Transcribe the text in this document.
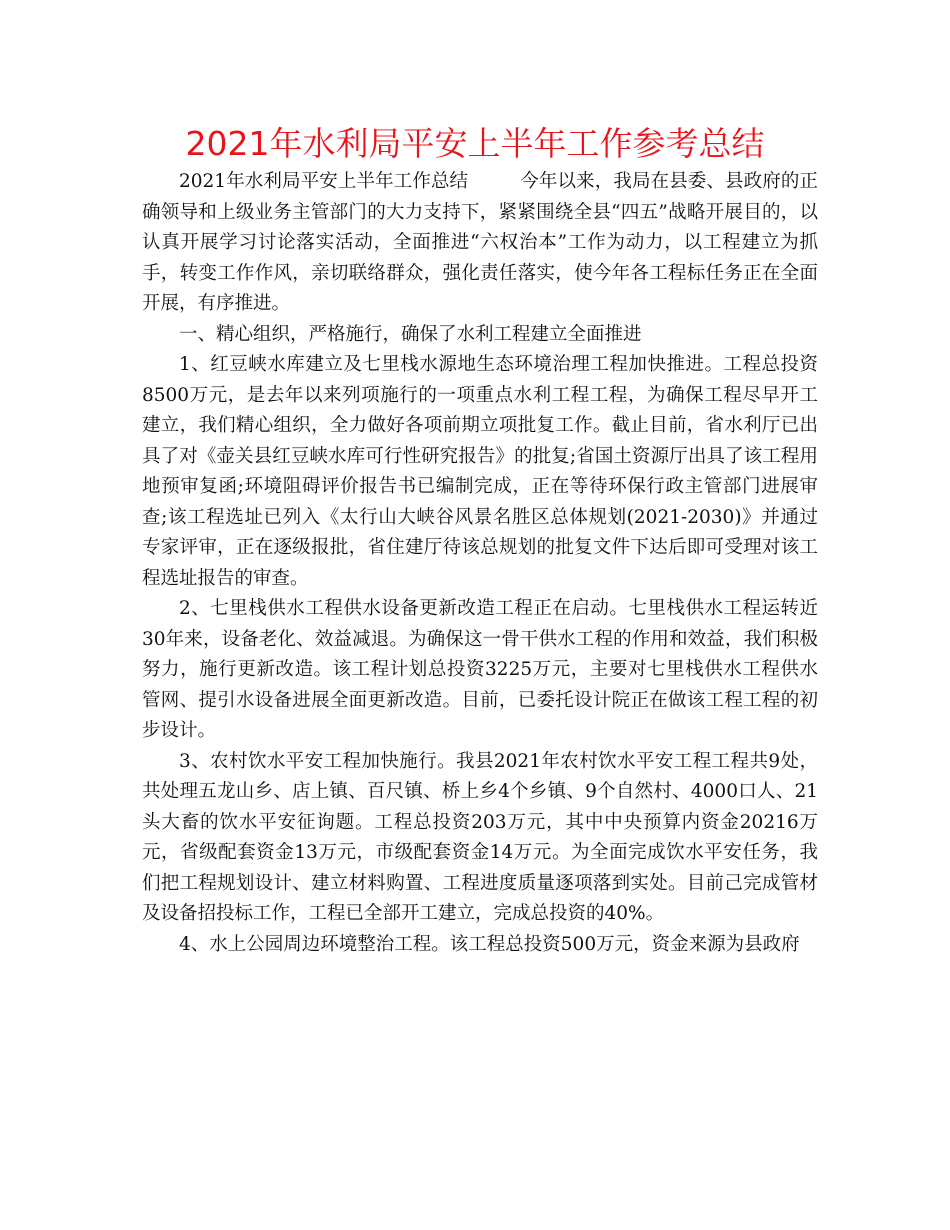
2021年水利局平安上半年工作参考总结

2021年水利局平安上半年工作总结	今年以来，我局在县委、县政府的正确领导和上级业务主管部门的大力支持下，紧紧围绕全县“四五”战略开展目的，以认真开展学习讨论落实活动，全面推进“六权治本”工作为动力，以工程建立为抓手，转变工作作风，亲切联络群众，强化责任落实，使今年各工程标任务正在全面开展，有序推进。

一、精心组织，严格施行，确保了水利工程建立全面推进

1、红豆峡水库建立及七里栈水源地生态环境治理工程加快推进。工程总投资8500万元，是去年以来列项施行的一项重点水利工程工程，为确保工程尽早开工建立，我们精心组织，全力做好各项前期立项批复工作。截止目前，省水利厅已出具了对《壶关县红豆峡水库可行性研究报告》的批复;省国土资源厅出具了该工程用地预审复函;环境阻碍评价报告书已编制完成，正在等待环保行政主管部门进展审查;该工程选址已列入《太行山大峡谷风景名胜区总体规划(2021-2030)》并通过专家评审，正在逐级报批，省住建厅待该总规划的批复文件下达后即可受理对该工程选址报告的审查。

2、七里栈供水工程供水设备更新改造工程正在启动。七里栈供水工程运转近30年来，设备老化、效益减退。为确保这一骨干供水工程的作用和效益，我们积极努力，施行更新改造。该工程计划总投资3225万元，主要对七里栈供水工程供水管网、提引水设备进展全面更新改造。目前，已委托设计院正在做该工程工程的初步设计。

3、农村饮水平安工程加快施行。我县2021年农村饮水平安工程工程共9处，共处理五龙山乡、店上镇、百尺镇、桥上乡4个乡镇、9个自然村、4000口人、21头大畜的饮水平安征询题。工程总投资203万元，其中中央预算内资金20216万元，省级配套资金13万元，市级配套资金14万元。为全面完成饮水平安任务，我们把工程规划设计、建立材料购置、工程进度质量逐项落到实处。目前己完成管材及设备招投标工作，工程已全部开工建立，完成总投资的40%。

4、水上公园周边环境整治工程。该工程总投资500万元，资金来源为县政府
